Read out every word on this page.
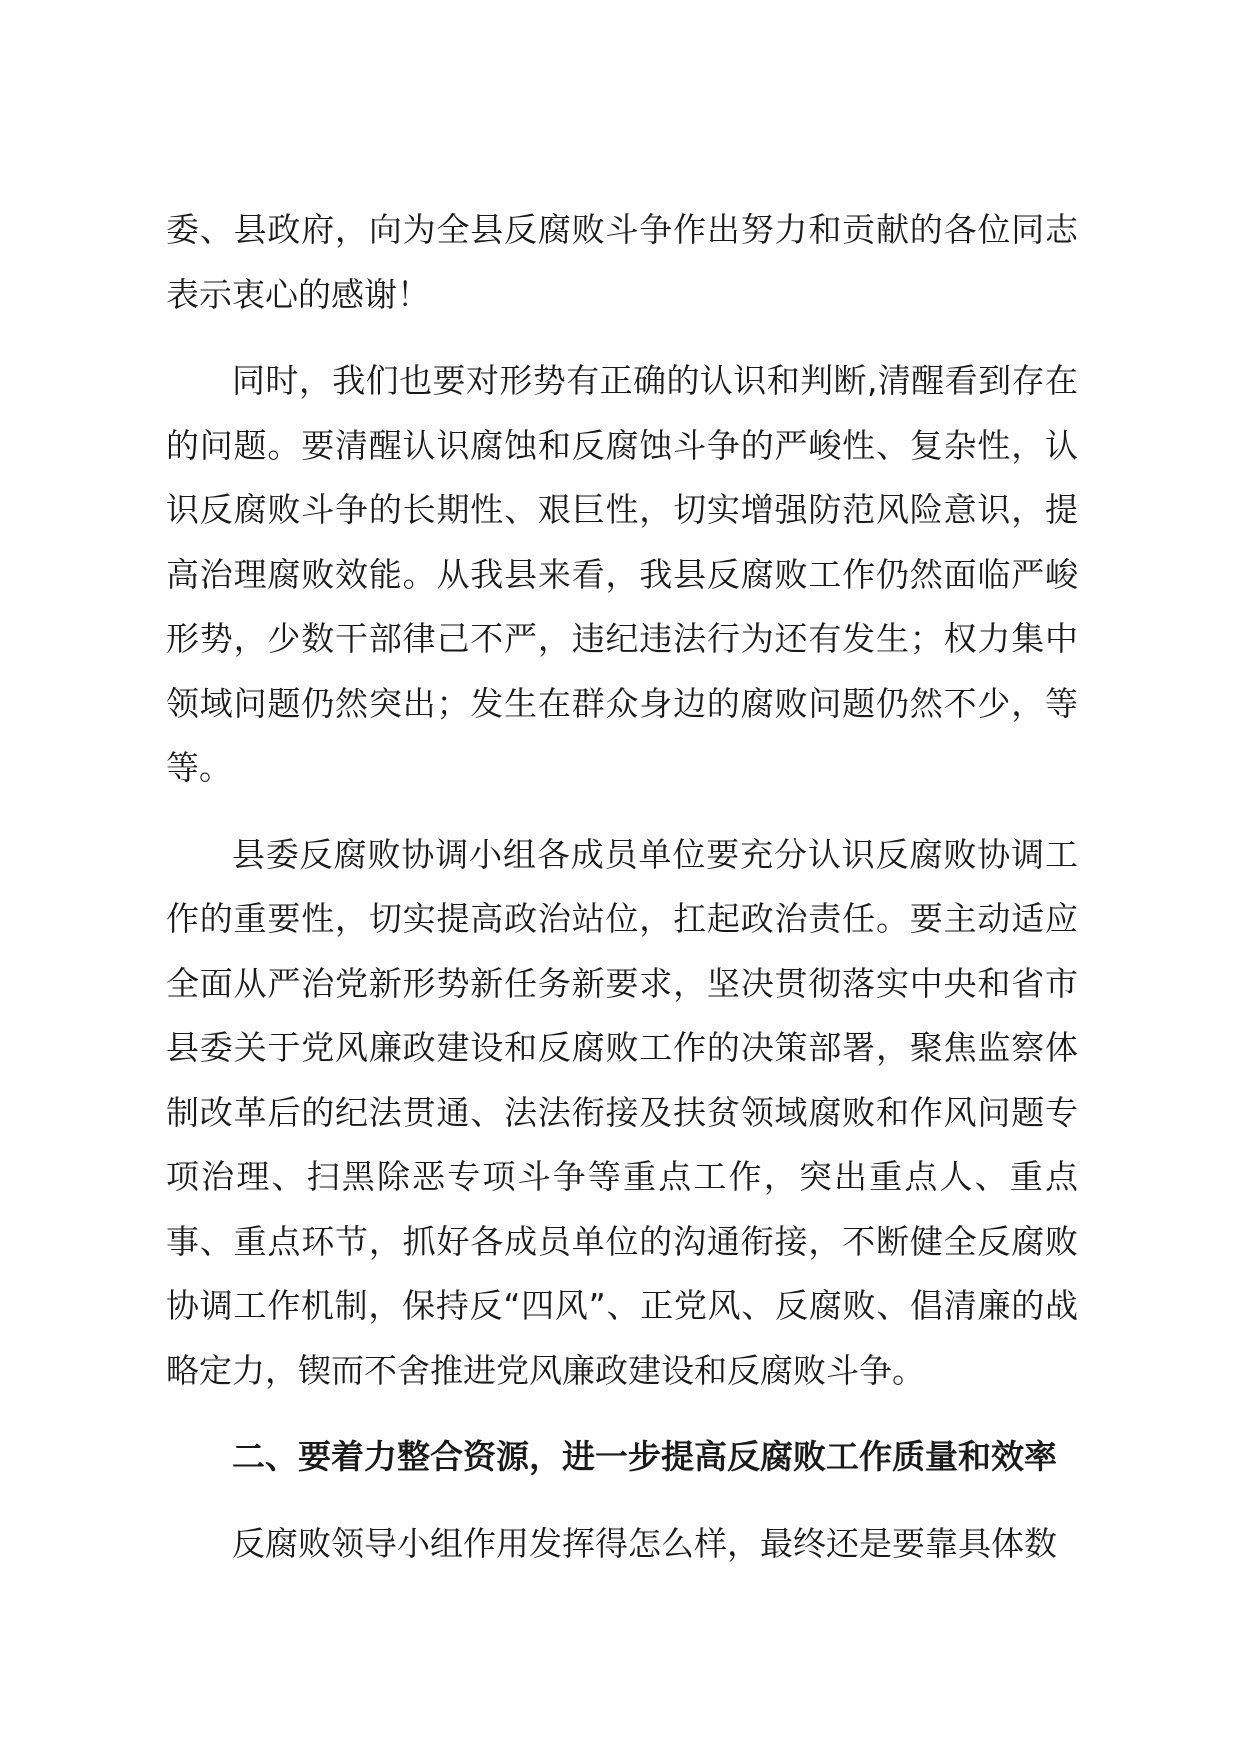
委、县政府，向为全县反腐败斗争作出努力和贡献的各位同志表示衷心的感谢！

同时，我们也要对形势有正确的认识和判断,清醒看到存在的问题。要清醒认识腐蚀和反腐蚀斗争的严峻性、复杂性，认识反腐败斗争的长期性、艰巨性，切实增强防范风险意识，提高治理腐败效能。从我县来看，我县反腐败工作仍然面临严峻形势，少数干部律己不严，违纪违法行为还有发生；权力集中领域问题仍然突出；发生在群众身边的腐败问题仍然不少，等等。

县委反腐败协调小组各成员单位要充分认识反腐败协调工作的重要性，切实提高政治站位，扛起政治责任。要主动适应全面从严治党新形势新任务新要求，坚决贯彻落实中央和省市县委关于党风廉政建设和反腐败工作的决策部署，聚焦监察体制改革后的纪法贯通、法法衔接及扶贫领域腐败和作风问题专项治理、扫黑除恶专项斗争等重点工作，突出重点人、重点事、重点环节，抓好各成员单位的沟通衔接，不断健全反腐败协调工作机制，保持反“四风”、正党风、反腐败、倡清廉的战略定力，锲而不舍推进党风廉政建设和反腐败斗争。

二、要着力整合资源，进一步提高反腐败工作质量和效率

反腐败领导小组作用发挥得怎么样，最终还是要靠具体数
